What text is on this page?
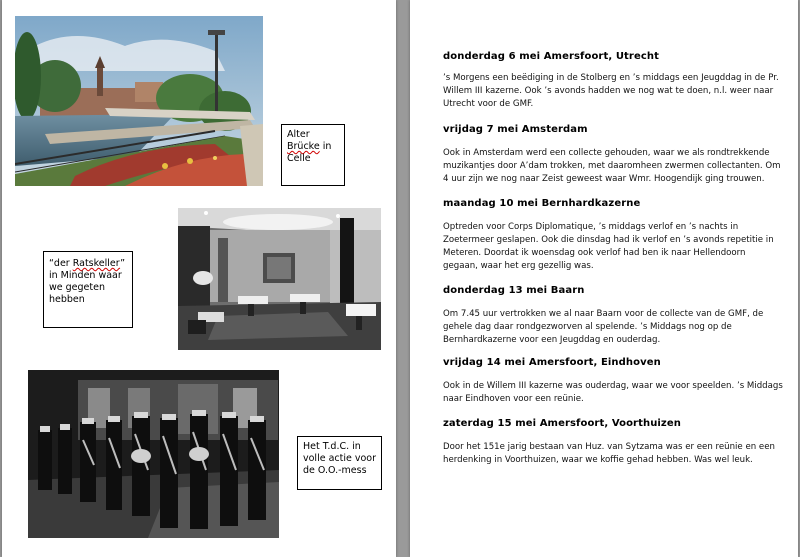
Alter
Brücke in
Celle
“der Ratskeller”
in Minden waar
we gegeten
hebben
Het T.d.C. in
volle actie voor
de O.O.-mess
donderdag 6 mei Amersfoort, Utrecht

’s Morgens een beëdiging in de Stolberg en ’s middags een Jeugddag in de Pr.
Willem III kazerne. Ook ’s avonds hadden we nog wat te doen, n.l. weer naar
Utrecht voor de GMF.

vrijdag 7 mei Amsterdam

Ook in Amsterdam werd een collecte gehouden, waar we als rondtrekkende
muzikantjes door A’dam trokken, met daaromheen zwermen collectanten. Om
4 uur zijn we nog naar Zeist geweest waar Wmr. Hoogendijk ging trouwen.

maandag 10 mei Bernhardkazerne

Optreden voor Corps Diplomatique, ’s middags verlof en ’s nachts in
Zoetermeer geslapen. Ook die dinsdag had ik verlof en ’s avonds repetitie in
Meteren. Doordat ik woensdag ook verlof had ben ik naar Hellendoorn
gegaan, waar het erg gezellig was.

donderdag 13 mei Baarn

Om 7.45 uur vertrokken we al naar Baarn voor de collecte van de GMF, de
gehele dag daar rondgezworven al spelende. ’s Middags nog op de
Bernhardkazerne voor een Jeugddag en ouderdag.

vrijdag 14 mei Amersfoort, Eindhoven

Ook in de Willem III kazerne was ouderdag, waar we voor speelden. ’s Middags
naar Eindhoven voor een reünie.

zaterdag 15 mei Amersfoort, Voorthuizen

Door het 151e jarig bestaan van Huz. van Sytzama was er een reünie en een
herdenking in Voorthuizen, waar we koffie gehad hebben. Was wel leuk.
